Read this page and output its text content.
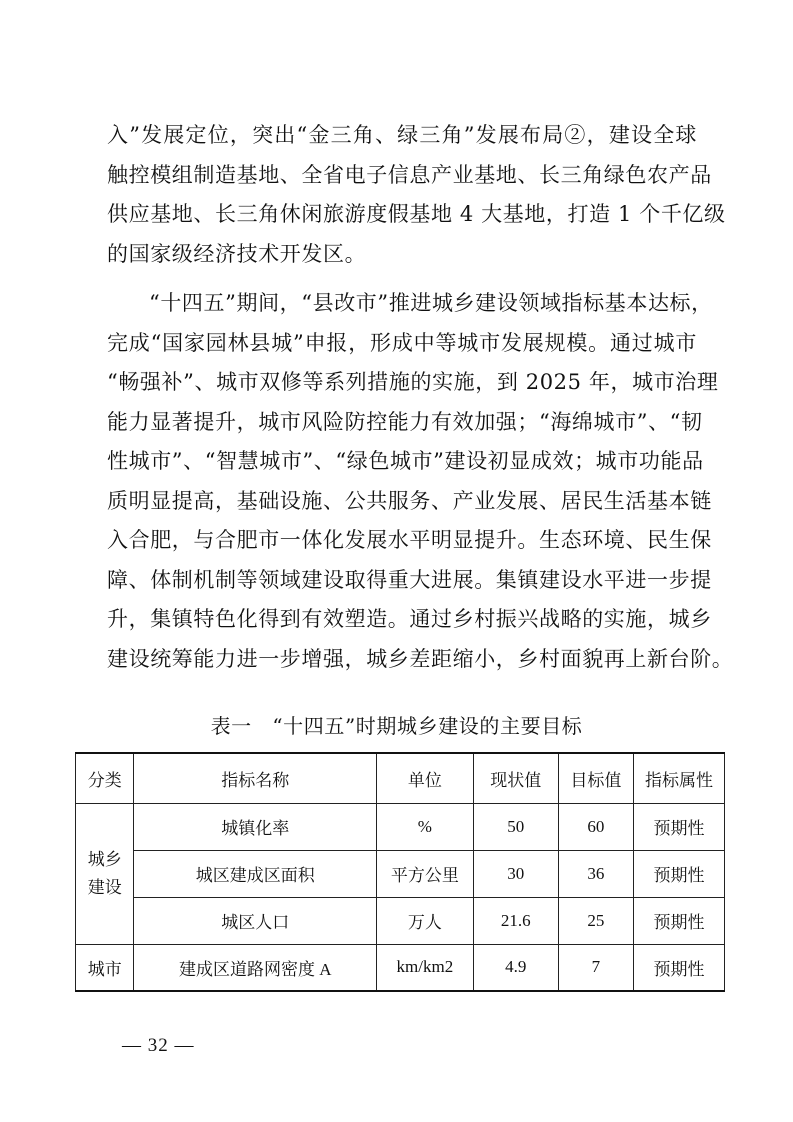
入”发展定位，突出“金三角、绿三角”发展布局②，建设全球
触控模组制造基地、全省电子信息产业基地、长三角绿色农产品
供应基地、长三角休闲旅游度假基地 4 大基地，打造 1 个千亿级
的国家级经济技术开发区。
“十四五”期间，“县改市”推进城乡建设领域指标基本达标，
完成“国家园林县城”申报，形成中等城市发展规模。通过城市
“畅强补”、城市双修等系列措施的实施，到 2025 年，城市治理
能力显著提升，城市风险防控能力有效加强；“海绵城市”、“韧
性城市”、“智慧城市”、“绿色城市”建设初显成效；城市功能品
质明显提高，基础设施、公共服务、产业发展、居民生活基本链
入合肥，与合肥市一体化发展水平明显提升。生态环境、民生保
障、体制机制等领域建设取得重大进展。集镇建设水平进一步提
升，集镇特色化得到有效塑造。通过乡村振兴战略的实施，城乡
建设统筹能力进一步增强，城乡差距缩小，乡村面貌再上新台阶。
表一　“十四五”时期城乡建设的主要目标
分类	指标名称	单位	现状值	目标值	指标属性
城乡
建设	城镇化率	%	50	60	预期性
	城区建成区面积	平方公里	30	36	预期性
	城区人口	万人	21.6	25	预期性
城市	建成区道路网密度 A	km/km2	4.9	7	预期性
— 32 —
